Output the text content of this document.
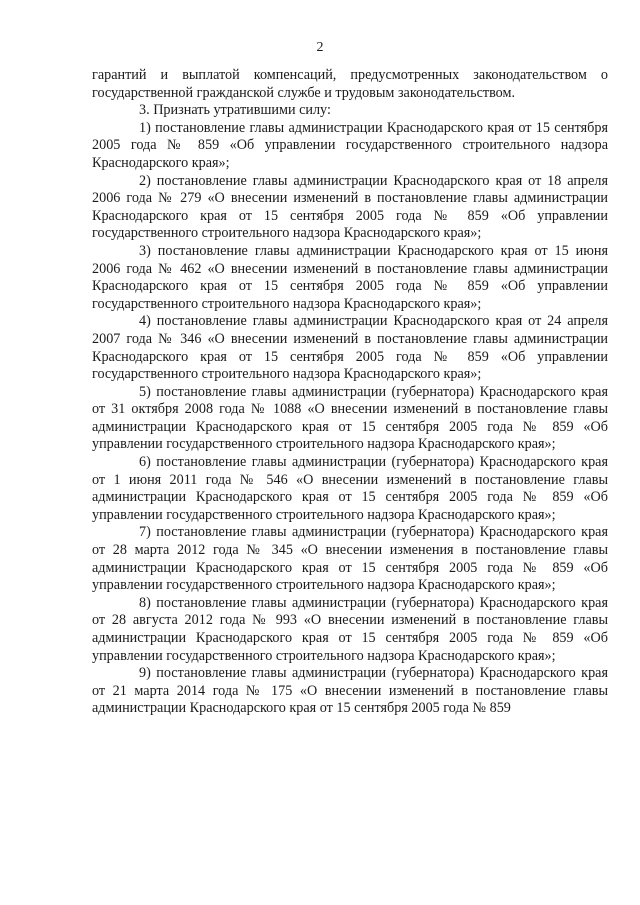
2

гарантий и выплатой компенсаций, предусмотренных законодательством о государственной гражданской службе и трудовым законодательством.

3. Признать утратившими силу:

1) постановление главы администрации Краснодарского края от 15 сентября 2005 года № 859 «Об управлении государственного строительного надзора Краснодарского края»;

2) постановление главы администрации Краснодарского края от 18 апреля 2006 года № 279 «О внесении изменений в постановление главы администрации Краснодарского края от 15 сентября 2005 года № 859 «Об управлении государственного строительного надзора Краснодарского края»;

3) постановление главы администрации Краснодарского края от 15 июня 2006 года № 462 «О внесении изменений в постановление главы администрации Краснодарского края от 15 сентября 2005 года № 859 «Об управлении государственного строительного надзора Краснодарского края»;

4) постановление главы администрации Краснодарского края от 24 апреля 2007 года № 346 «О внесении изменений в постановление главы администрации Краснодарского края от 15 сентября 2005 года № 859 «Об управлении государственного строительного надзора Краснодарского края»;

5) постановление главы администрации (губернатора) Краснодарского края от 31 октября 2008 года № 1088 «О внесении изменений в постановление главы администрации Краснодарского края от 15 сентября 2005 года № 859 «Об управлении государственного строительного надзора Краснодарского края»;

6) постановление главы администрации (губернатора) Краснодарского края от 1 июня 2011 года № 546 «О внесении изменений в постановление главы администрации Краснодарского края от 15 сентября 2005 года № 859 «Об управлении государственного строительного надзора Краснодарского края»;

7) постановление главы администрации (губернатора) Краснодарского края от 28 марта 2012 года № 345 «О внесении изменения в постановление главы администрации Краснодарского края от 15 сентября 2005 года № 859 «Об управлении государственного строительного надзора Краснодарского края»;

8) постановление главы администрации (губернатора) Краснодарского края от 28 августа 2012 года № 993 «О внесении изменений в постановление главы администрации Краснодарского края от 15 сентября 2005 года № 859 «Об управлении государственного строительного надзора Краснодарского края»;

9) постановление главы администрации (губернатора) Краснодарского края от 21 марта 2014 года № 175 «О внесении изменений в постановление главы администрации Краснодарского края от 15 сентября 2005 года № 859
